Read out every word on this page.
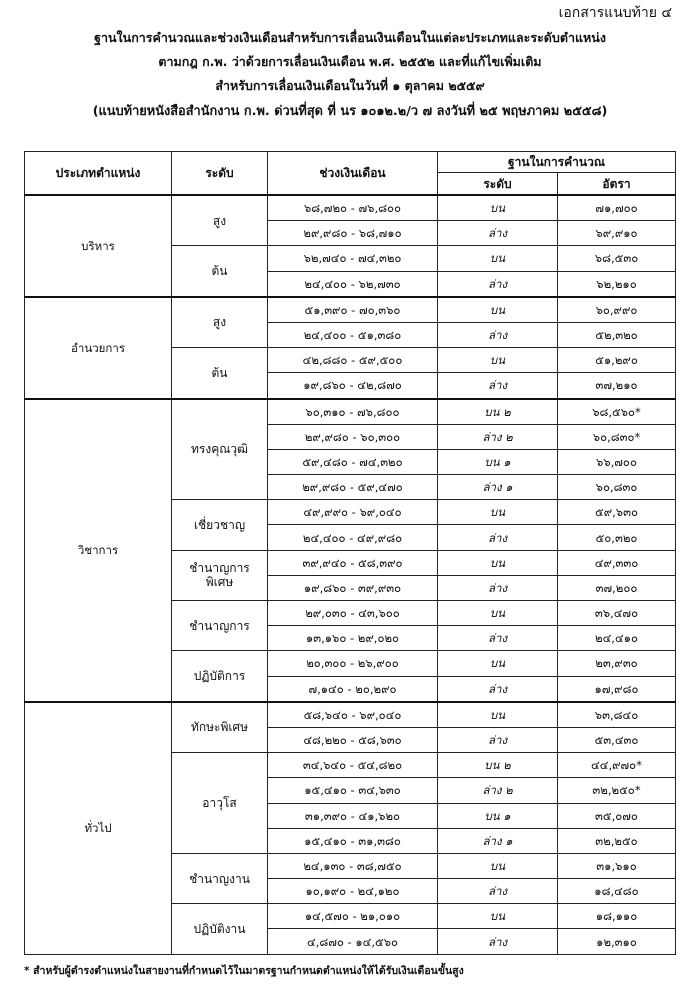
เอกสารแนบท้าย ๔
ฐานในการคำนวณและช่วงเงินเดือนสำหรับการเลื่อนเงินเดือนในแต่ละประเภทและระดับตำแหน่ง
ตามกฎ ก.พ. ว่าด้วยการเลื่อนเงินเดือน พ.ศ. ๒๕๕๒ และที่แก้ไขเพิ่มเติม
สำหรับการเลื่อนเงินเดือนในวันที่ ๑ ตุลาคม ๒๕๕๙
(แนบท้ายหนังสือสำนักงาน ก.พ. ด่วนที่สุด ที่ นร ๑๐๑๒.๒/ว ๗ ลงวันที่ ๒๕ พฤษภาคม ๒๕๕๘)
ประเภทตำแหน่ง	ระดับ	ช่วงเงินเดือน	ฐานในการคำนวณ	
			ระดับ	อัตรา
บริหาร	สูง	๖๘,๗๒๐ - ๗๖,๘๐๐	บน	๗๑,๗๐๐
		๒๙,๙๘๐ - ๖๘,๗๑๐	ล่าง	๖๙,๙๑๐
	ต้น	๖๒,๗๔๐ - ๗๔,๓๒๐	บน	๖๘,๕๓๐
		๒๔,๔๐๐ - ๖๒,๗๓๐	ล่าง	๖๒,๒๑๐
อำนวยการ	สูง	๕๑,๓๙๐ - ๗๐,๓๖๐	บน	๖๐,๙๙๐
		๒๔,๔๐๐ - ๕๑,๓๘๐	ล่าง	๕๒,๓๒๐
	ต้น	๔๒,๘๘๐ - ๕๙,๕๐๐	บน	๕๑,๒๙๐
		๑๙,๘๖๐ - ๔๒,๘๗๐	ล่าง	๓๗,๒๑๐
วิชาการ	ทรงคุณวุฒิ	๖๐,๓๑๐ - ๗๖,๘๐๐	บน ๒	๖๘,๕๖๐*
		๒๙,๙๘๐ - ๖๐,๓๐๐	ล่าง ๒	๖๐,๘๓๐*
		๕๙,๔๘๐ - ๗๔,๓๒๐	บน ๑	๖๖,๗๐๐
		๒๙,๙๘๐ - ๕๙,๔๗๐	ล่าง ๑	๖๐,๘๓๐
	เชี่ยวชาญ	๔๙,๙๙๐ - ๖๙,๐๔๐	บน	๕๙,๖๓๐
		๒๔,๔๐๐ - ๔๙,๙๘๐	ล่าง	๕๐,๓๒๐
	ชำนาญการพิเศษ	๓๙,๙๔๐ - ๕๘,๓๙๐	บน	๔๙,๓๓๐
		๑๙,๘๖๐ - ๓๙,๙๓๐	ล่าง	๓๗,๒๐๐
	ชำนาญการ	๒๙,๐๓๐ - ๔๓,๖๐๐	บน	๓๖,๔๗๐
		๑๓,๑๖๐ - ๒๙,๐๒๐	ล่าง	๒๔,๔๑๐
	ปฏิบัติการ	๒๐,๓๐๐ - ๒๖,๙๐๐	บน	๒๓,๙๓๐
		๗,๑๔๐ - ๒๐,๒๙๐	ล่าง	๑๗,๙๘๐
ทั่วไป	ทักษะพิเศษ	๕๘,๖๔๐ - ๖๙,๐๔๐	บน	๖๓,๘๔๐
		๔๘,๒๒๐ - ๕๘,๖๓๐	ล่าง	๕๓,๔๓๐
	อาวุโส	๓๔,๖๔๐ - ๕๔,๘๒๐	บน ๒	๔๔,๙๗๐*
		๑๕,๔๑๐ - ๓๔,๖๓๐	ล่าง ๒	๓๒,๒๕๐*
		๓๑,๓๙๐ - ๔๑,๖๒๐	บน ๑	๓๕,๐๗๐
		๑๕,๔๑๐ - ๓๑,๓๘๐	ล่าง ๑	๓๒,๒๕๐
	ชำนาญงาน	๒๔,๑๓๐ - ๓๘,๗๕๐	บน	๓๑,๖๑๐
		๑๐,๑๙๐ - ๒๔,๑๒๐	ล่าง	๑๘,๔๘๐
	ปฏิบัติงาน	๑๔,๕๗๐ - ๒๑,๐๑๐	บน	๑๘,๑๑๐
		๔,๘๗๐ - ๑๔,๕๖๐	ล่าง	๑๒,๓๑๐
* สำหรับผู้ดำรงตำแหน่งในสายงานที่กำหนดไว้ในมาตรฐานกำหนดตำแหน่งให้ได้รับเงินเดือนขั้นสูง
